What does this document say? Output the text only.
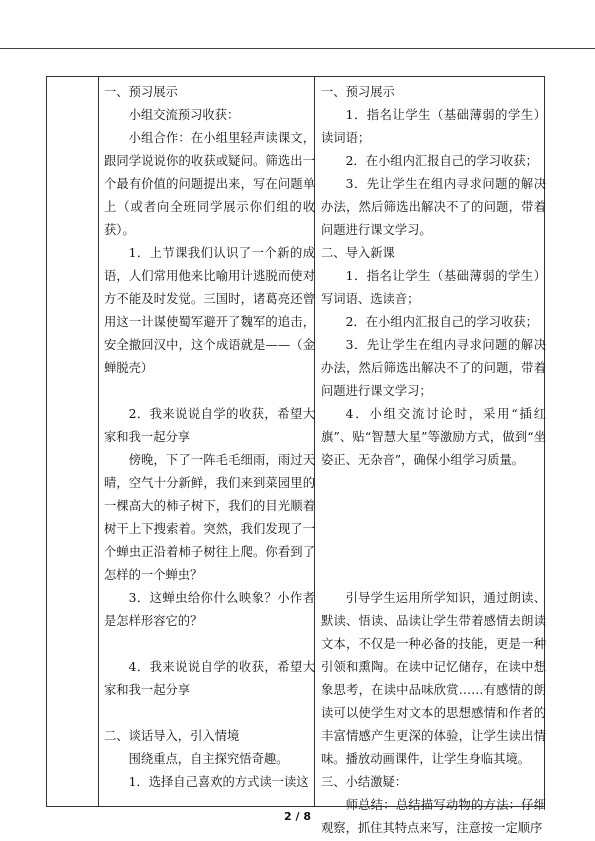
一、预习展示

小组交流预习收获：

小组合作：在小组里轻声读课文，跟同学说说你的收获或疑问。筛选出一个最有价值的问题提出来，写在问题单上（或者向全班同学展示你们组的收获）。

1．上节课我们认识了一个新的成语，人们常用他来比喻用计逃脱而使对方不能及时发觉。三国时，诸葛亮还曾用这一计谋使蜀军避开了魏军的追击，安全撤回汉中，这个成语就是——（金蝉脱壳）

2．我来说说自学的收获，希望大家和我一起分享

傍晚，下了一阵毛毛细雨，雨过天晴，空气十分新鲜，我们来到菜园里的一棵高大的柿子树下，我们的目光顺着树干上下搜索着。突然，我们发现了一个蝉虫正沿着柿子树往上爬。你看到了怎样的一个蝉虫？

3．这蝉虫给你什么映象？小作者是怎样形容它的？

4．我来说说自学的收获，希望大家和我一起分享

二、谈话导入，引入情境

围绕重点，自主探究悟奇趣。

1．选择自己喜欢的方式读一读这

一、预习展示

1．指名让学生（基础薄弱的学生）读词语；

2．在小组内汇报自己的学习收获；

3．先让学生在组内寻求问题的解决办法，然后筛选出解决不了的问题，带着问题进行课文学习。

二、导入新课

1．指名让学生（基础薄弱的学生）写词语、选读音；

2．在小组内汇报自己的学习收获；

3．先让学生在组内寻求问题的解决办法，然后筛选出解决不了的问题，带着问题进行课文学习；

4．小组交流讨论时，采用“插红旗”、贴“智慧大星”等激励方式，做到“坐姿正、无杂音”，确保小组学习质量。

引导学生运用所学知识，通过朗读、默读、悟读、品读让学生带着感情去朗读文本，不仅是一种必备的技能，更是一种引领和熏陶。在读中记忆储存，在读中想象思考，在读中品味欣赏……有感情的朗读可以使学生对文本的思想感情和作者的丰富情感产生更深的体验，让学生读出情味。播放动画课件，让学生身临其境。

三、小结激疑：

师总结：总结描写动物的方法：仔细观察，抓住其特点来写，注意按一定顺序

2 / 8
